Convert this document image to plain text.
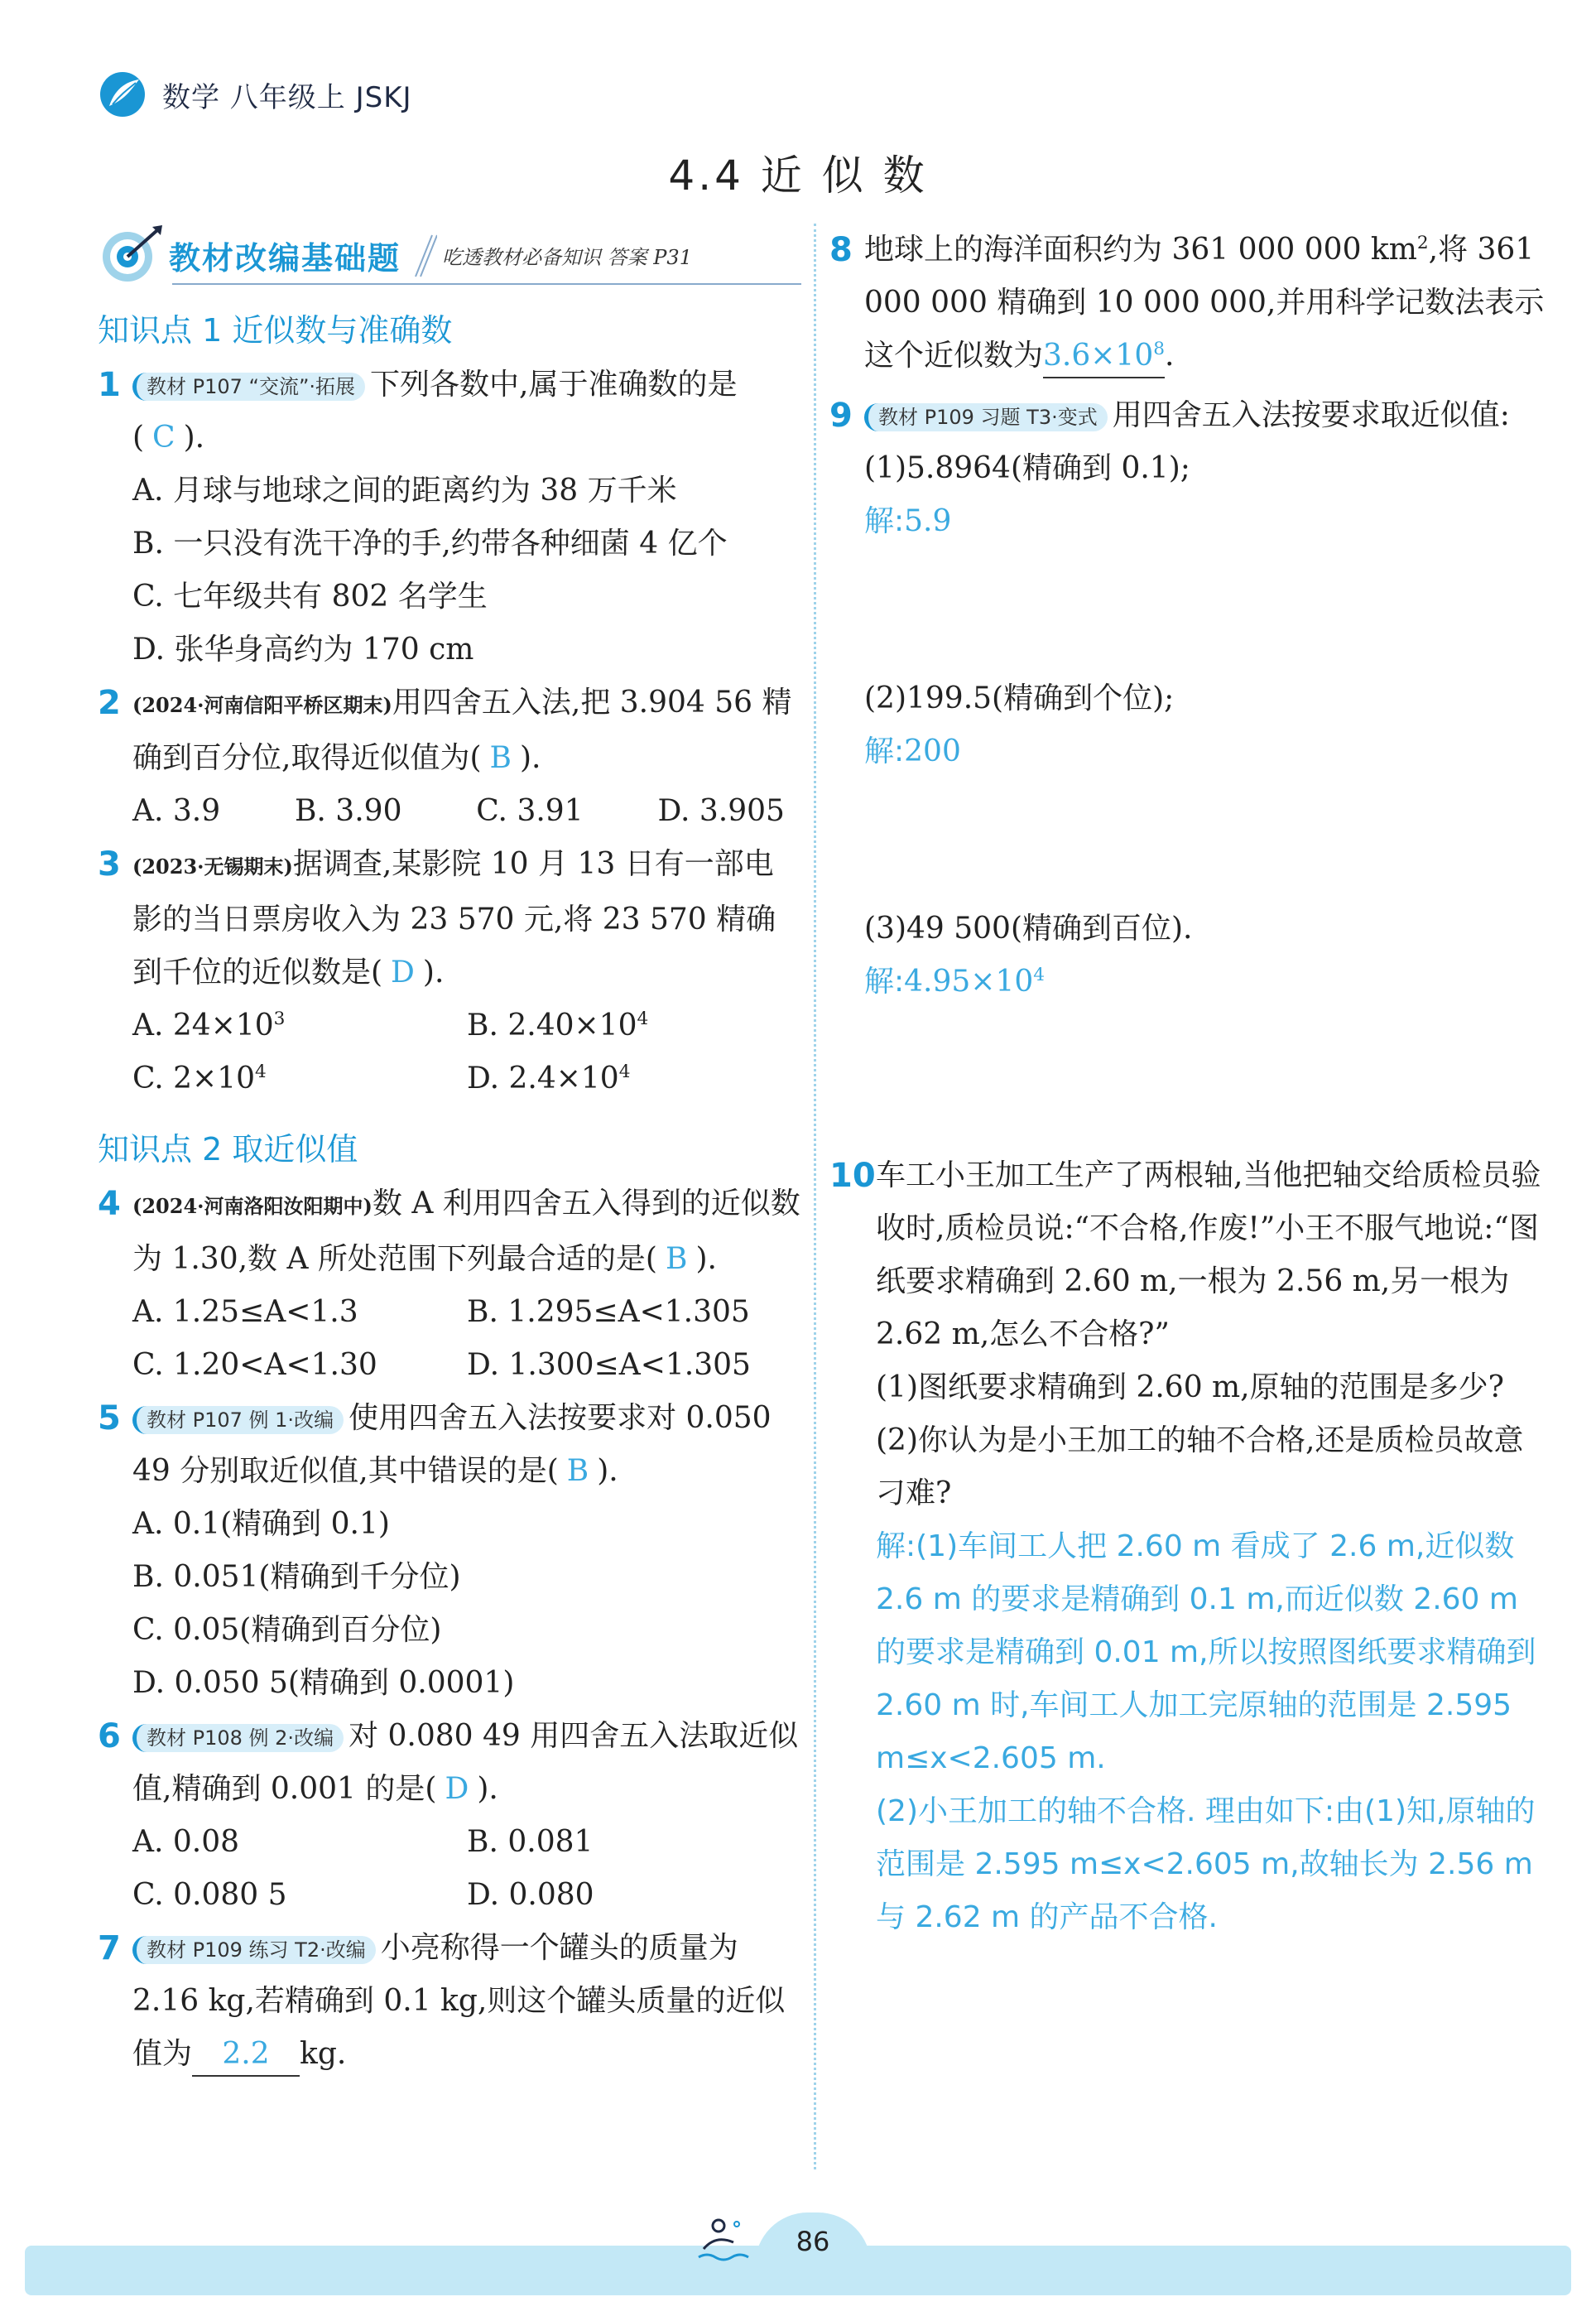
数学 八年级上 JSKJ
4.4 近 似 数
教材改编基础题 吃透教材必备知识 答案 P31
知识点 1 近似数与准确数
1 教材 P107 “交流”·拓展 下列各数中,属于准确数的是( C ).
A. 月球与地球之间的距离约为 38 万千米
B. 一只没有洗干净的手,约带各种细菌 4 亿个
C. 七年级共有 802 名学生
D. 张华身高约为 170 cm
2 (2024·河南信阳平桥区期末)用四舍五入法,把 3.904 56 精确到百分位,取得近似值为( B ).
A. 3.9 B. 3.90 C. 3.91 D. 3.905
3 (2023·无锡期末)据调查,某影院 10 月 13 日有一部电影的当日票房收入为 23 570 元,将 23 570 精确到千位的近似数是( D ).
A. $24\times 10^3$	B. $2.40\times 10^4$
C. $2\times 10^4$	D. $2.4\times 10^4$
知识点 2 取近似值
4 (2024·河南洛阳汝阳期中)数 A 利用四舍五入得到的近似数为 1.30,数 A 所处范围下列最合适的是( B ).
A. 1.25≤A<1.3	B. 1.295≤A<1.305
C. 1.20<A<1.30	D. 1.300≤A<1.305
5 教材 P107 例 1·改编 使用四舍五入法按要求对 0.050 49 分别取近似值,其中错误的是( B ).
A. 0.1(精确到 0.1)
B. 0.051(精确到千分位)
C. 0.05(精确到百分位)
D. 0.050 5(精确到 0.0001)
6 教材 P108 例 2·改编 对 0.080 49 用四舍五入法取近似值,精确到 0.001 的是( D ).
A. 0.08	B. 0.081
C. 0.080 5	D. 0.080
7 教材 P109 练习 T2·改编 小亮称得一个罐头的质量为 2.16 kg,若精确到 0.1 kg,则这个罐头质量的近似值为 2.2 kg.
8 地球上的海洋面积约为 361 000 000 $km^2$,将 361 000 000 精确到 10 000 000,并用科学记数法表示这个近似数为$3.6\times 10^8$.
9 教材 P109 习题 T3·变式 用四舍五入法按要求取近似值:
(1)5.8964(精确到 0.1);
解:5.9
(2)199.5(精确到个位);
解:200
(3)49 500(精确到百位).
解$:4.95\times 10^4$
10 车工小王加工生产了两根轴,当他把轴交给质检员验收时,质检员说:“不合格,作废!”小王不服气地说:“图纸要求精确到 2.60 m,一根为 2.56 m,另一根为 2.62 m,怎么不合格?”
(1)图纸要求精确到 2.60 m,原轴的范围是多少?
(2)你认为是小王加工的轴不合格,还是质检员故意刁难?
解:(1)车间工人把 2.60 m 看成了 2.6 m,近似数 2.6 m 的要求是精确到 0.1 m,而近似数 2.60 m 的要求是精确到 0.01 m,所以按照图纸要求精确到 2.60 m 时,车间工人加工完原轴的范围是 2.595 m≤x<2.605 m.
(2)小王加工的轴不合格. 理由如下:由(1)知,原轴的范围是 2.595 m≤x<2.605 m,故轴长为 2.56 m 与 2.62 m 的产品不合格.
86
